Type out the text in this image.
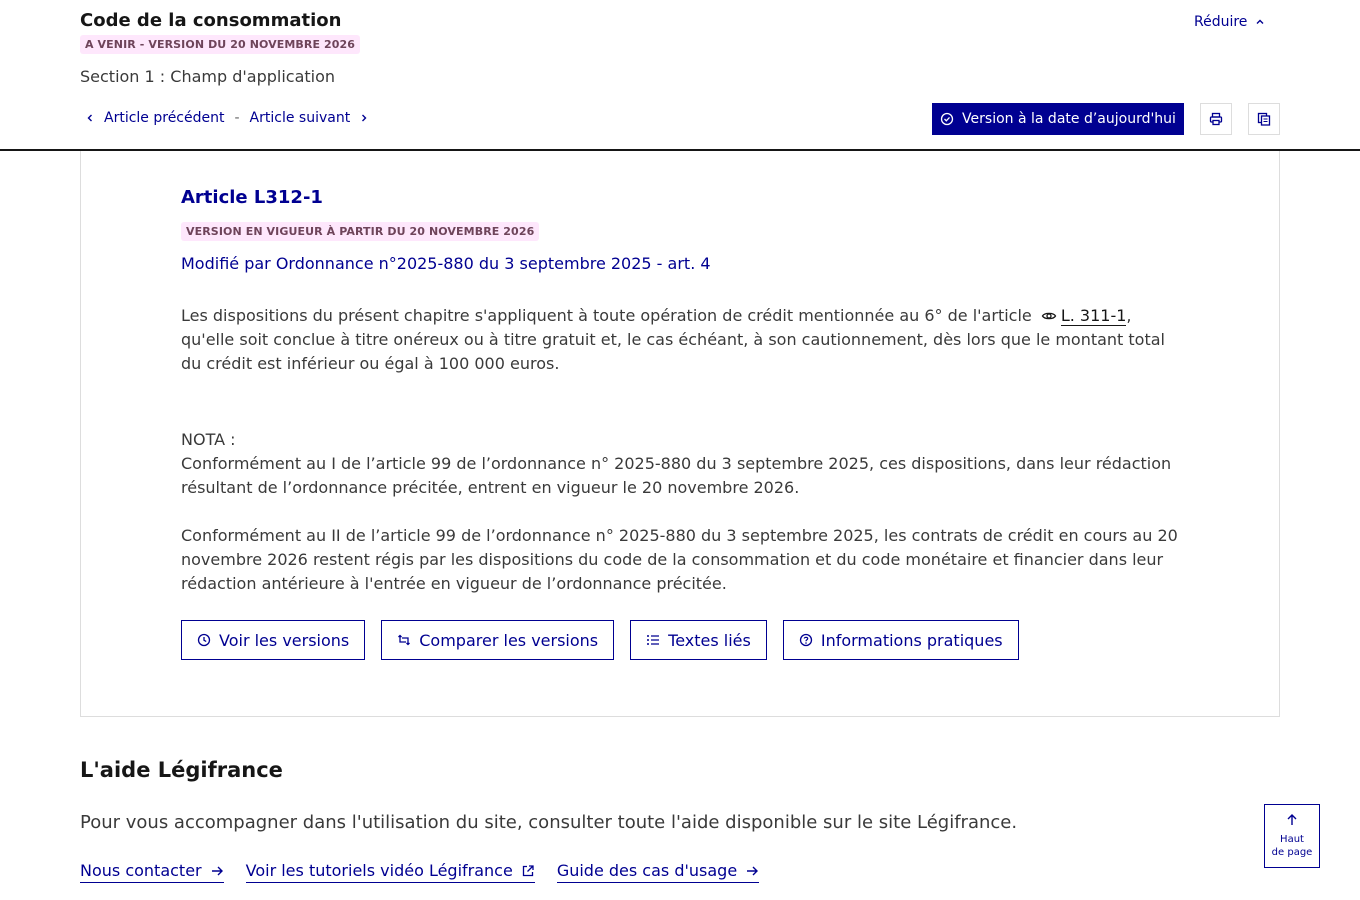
Code de la consommation
A VENIR - VERSION DU 20 NOVEMBRE 2026
Section 1 : Champ d'application
Réduire
Article précédent - Article suivant	Version à la date d’aujourd'hui
Article L312-1
VERSION EN VIGUEUR À PARTIR DU 20 NOVEMBRE 2026
Modifié par Ordonnance n°2025-880 du 3 septembre 2025 - art. 4
Les dispositions du présent chapitre s'appliquent à toute opération de crédit mentionnée au 6° de l'article L. 311-1, qu'elle soit conclue à titre onéreux ou à titre gratuit et, le cas échéant, à son cautionnement, dès lors que le montant total du crédit est inférieur ou égal à 100 000 euros.
NOTA :
Conformément au I de l’article 99 de l’ordonnance n° 2025-880 du 3 septembre 2025, ces dispositions, dans leur rédaction résultant de l’ordonnance précitée, entrent en vigueur le 20 novembre 2026.
Conformément au II de l’article 99 de l’ordonnance n° 2025-880 du 3 septembre 2025, les contrats de crédit en cours au 20 novembre 2026 restent régis par les dispositions du code de la consommation et du code monétaire et financier dans leur rédaction antérieure à l'entrée en vigueur de l’ordonnance précitée.
Voir les versions	Comparer les versions	Textes liés	Informations pratiques
L'aide Légifrance
Pour vous accompagner dans l'utilisation du site, consulter toute l'aide disponible sur le site Légifrance.
Nous contacter	Voir les tutoriels vidéo Légifrance	Guide des cas d'usage
Haut
de page
